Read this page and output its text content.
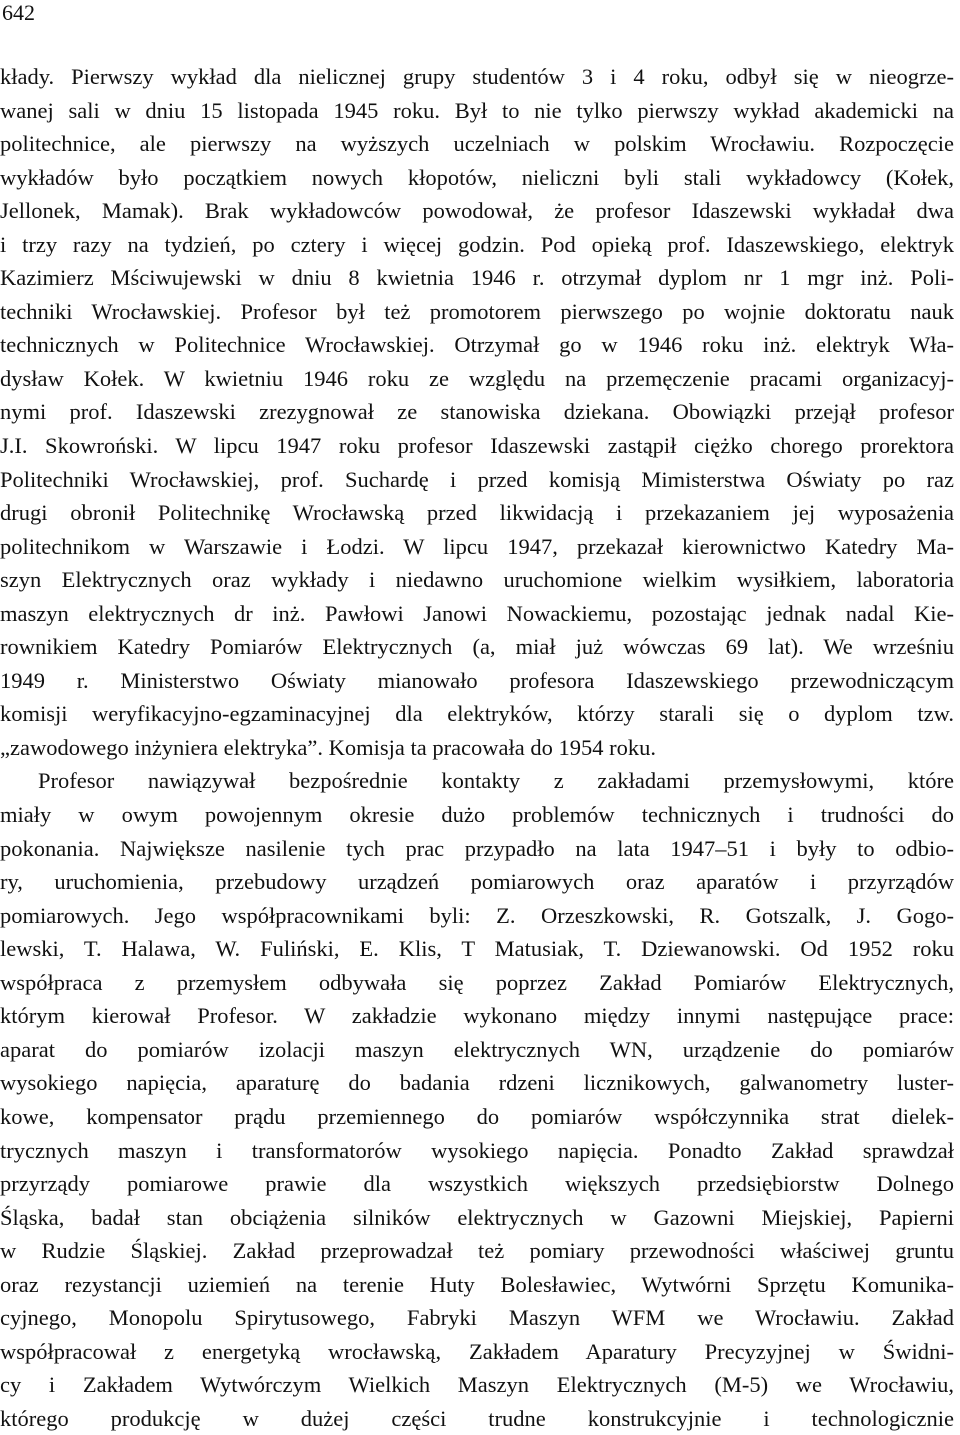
642
kłady. Pierwszy wykład dla nielicznej grupy studentów 3 i 4 roku, odbył się w nieogrze-
wanej sali w dniu 15 listopada 1945 roku. Był to nie tylko pierwszy wykład akademicki na
politechnice, ale pierwszy na wyższych uczelniach w polskim Wrocławiu. Rozpoczęcie
wykładów było początkiem nowych kłopotów, nieliczni byli stali wykładowcy (Kołek,
Jellonek, Mamak). Brak wykładowców powodował, że profesor Idaszewski wykładał dwa
i trzy razy na tydzień, po cztery i więcej godzin. Pod opieką prof. Idaszewskiego, elektryk
Kazimierz Mściwujewski w dniu 8 kwietnia 1946 r. otrzymał dyplom nr 1 mgr inż. Poli-
techniki Wrocławskiej. Profesor był też promotorem pierwszego po wojnie doktoratu nauk
technicznych w Politechnice Wrocławskiej. Otrzymał go w 1946 roku inż. elektryk Wła-
dysław Kołek. W kwietniu 1946 roku ze względu na przemęczenie pracami organizacyj-
nymi prof. Idaszewski zrezygnował ze stanowiska dziekana. Obowiązki przejął profesor
J.I. Skowroński. W lipcu 1947 roku profesor Idaszewski zastąpił ciężko chorego prorektora
Politechniki Wrocławskiej, prof. Suchardę i przed komisją Mimisterstwa Oświaty po raz
drugi obronił Politechnikę Wrocławską przed likwidacją i przekazaniem jej wyposażenia
politechnikom w Warszawie i Łodzi. W lipcu 1947, przekazał kierownictwo Katedry Ma-
szyn Elektrycznych oraz wykłady i niedawno uruchomione wielkim wysiłkiem, laboratoria
maszyn elektrycznych dr inż. Pawłowi Janowi Nowackiemu, pozostając jednak nadal Kie-
rownikiem Katedry Pomiarów Elektrycznych (a, miał już wówczas 69 lat). We wrześniu
1949 r. Ministerstwo Oświaty mianowało profesora Idaszewskiego przewodniczącym
komisji weryfikacyjno-egzaminacyjnej dla elektryków, którzy starali się o dyplom tzw.
„zawodowego inżyniera elektryka”. Komisja ta pracowała do 1954 roku.
Profesor nawiązywał bezpośrednie kontakty z zakładami przemysłowymi, które
miały w owym powojennym okresie dużo problemów technicznych i trudności do
pokonania. Największe nasilenie tych prac przypadło na lata 1947–51 i były to odbio-
ry, uruchomienia, przebudowy urządzeń pomiarowych oraz aparatów i przyrządów
pomiarowych. Jego współpracownikami byli: Z. Orzeszkowski, R. Gotszalk, J. Gogo-
lewski, T. Halawa, W. Fuliński, E. Klis, T Matusiak, T. Dziewanowski. Od 1952 roku
współpraca z przemysłem odbywała się poprzez Zakład Pomiarów Elektrycznych,
którym kierował Profesor. W zakładzie wykonano między innymi następujące prace:
aparat do pomiarów izolacji maszyn elektrycznych WN, urządzenie do pomiarów
wysokiego napięcia, aparaturę do badania rdzeni licznikowych, galwanometry luster-
kowe, kompensator prądu przemiennego do pomiarów współczynnika strat dielek-
trycznych maszyn i transformatorów wysokiego napięcia. Ponadto Zakład sprawdzał
przyrządy pomiarowe prawie dla wszystkich większych przedsiębiorstw Dolnego
Śląska, badał stan obciążenia silników elektrycznych w Gazowni Miejskiej, Papierni
w Rudzie Śląskiej. Zakład przeprowadzał też pomiary przewodności właściwej gruntu
oraz rezystancji uziemień na terenie Huty Bolesławiec, Wytwórni Sprzętu Komunika-
cyjnego, Monopolu Spirytusowego, Fabryki Maszyn WFM we Wrocławiu. Zakład
współpracował z energetyką wrocławską, Zakładem Aparatury Precyzyjnej w Świdni-
cy i Zakładem Wytwórczym Wielkich Maszyn Elektrycznych (M-5) we Wrocławiu,
którego produkcję w dużej części trudne konstrukcyjnie i technologicznie
